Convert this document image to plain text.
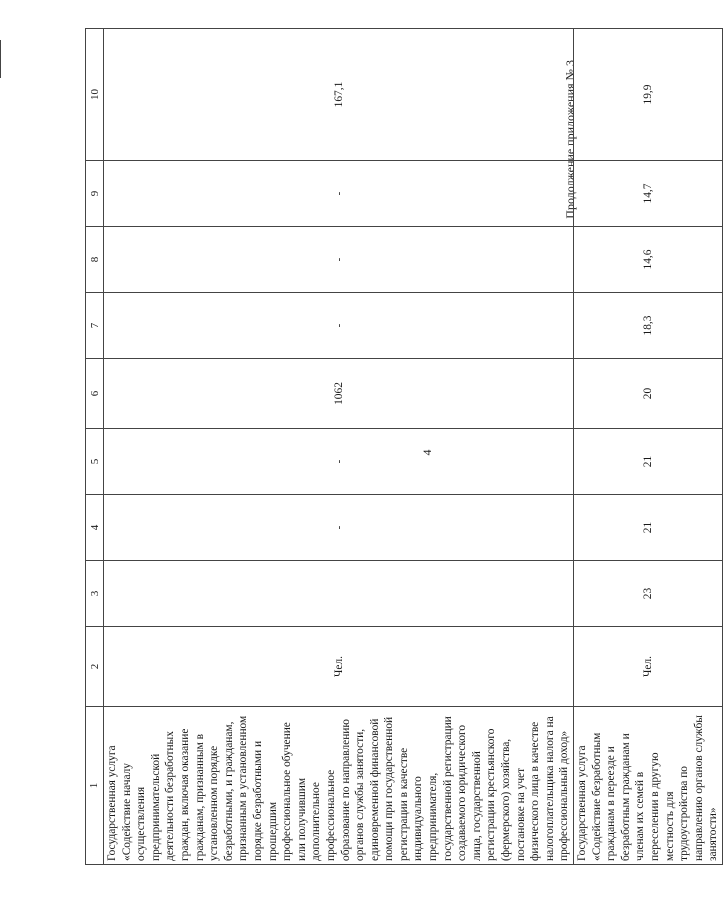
4
Продолжение приложения № 3
1	2	3	4	5	6	7	8	9	10
Государственная услуга «Содействие началу осуществления предпринимательской деятельности безработных граждан, включая оказание гражданам, признанным в установленном порядке безработными, и гражданам, признанным в установленном порядке безработными и прошедшим профессиональное обучение или получившим дополнительное профессиональное образование по направлению органов службы занятости, единовременной финансовой помощи при государственной регистрации в качестве индивидуального предпринимателя, государственной регистрации создаваемого юридического лица, государственной регистрации крестьянского (фермерского) хозяйства, постановке на учет физического лица в качестве налогоплательщика налога на профессиональный доход»	Чел.		-	-	1062	-	-	-	167,1
Государственная услуга «Содействие безработным гражданам в переезде и безработным гражданам и членам их семей в переселении в другую местность для трудоустройства по направлению органов службы занятости»	Чел.	23	21	21	20	18,3	14,6	14,7	19,9
